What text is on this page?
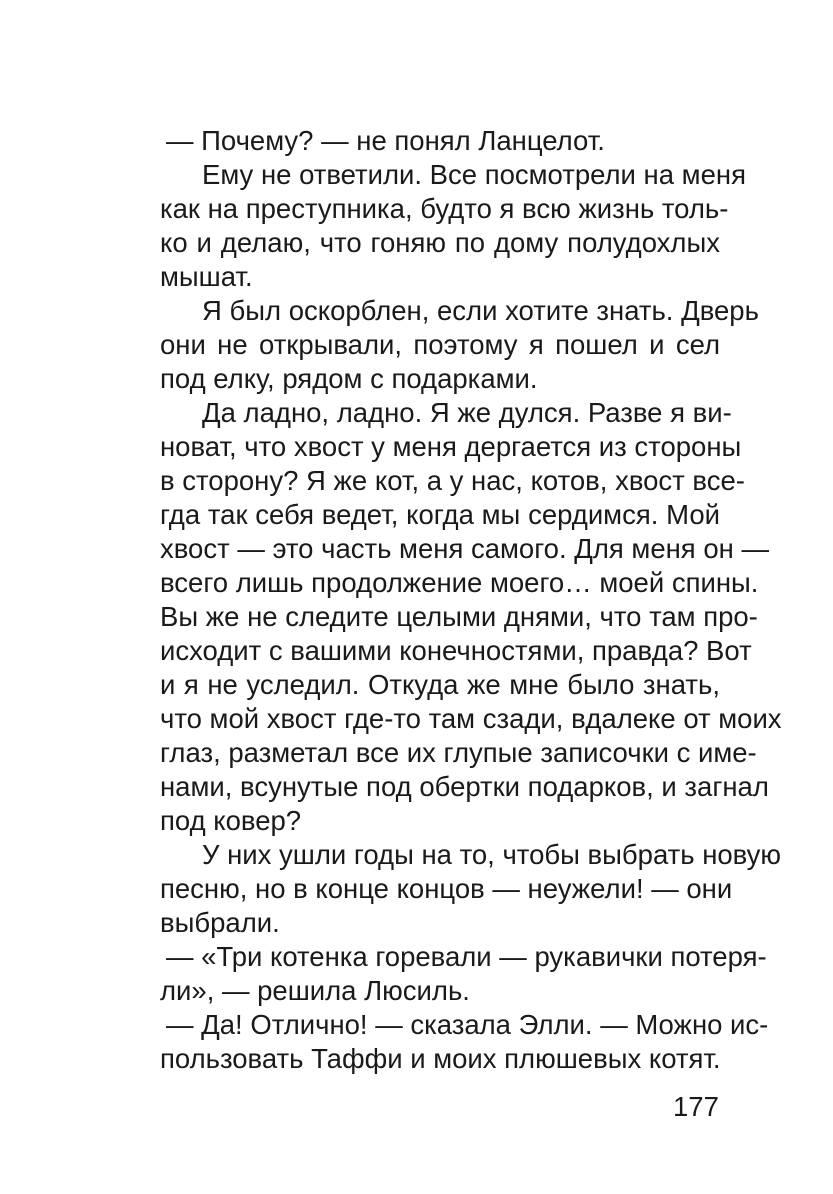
— Почему? — не понял Ланцелот.
Ему не ответили. Все посмотрели на меня
как на преступника, будто я всю жизнь толь-
ко и делаю, что гоняю по дому полудохлых
мышат.
Я был оскорблен, если хотите знать. Дверь
они не открывали, поэтому я пошел и сел
под елку, рядом с подарками.
Да ладно, ладно. Я же дулся. Разве я ви-
новат, что хвост у меня дергается из стороны
в сторону? Я же кот, а у нас, котов, хвост все-
гда так себя ведет, когда мы сердимся. Мой
хвост — это часть меня самого. Для меня он —
всего лишь продолжение моего… моей спины.
Вы же не следите целыми днями, что там про-
исходит с вашими конечностями, правда? Вот
и я не уследил. Откуда же мне было знать,
что мой хвост где-то там сзади, вдалеке от моих
глаз, разметал все их глупые записочки с име-
нами, всунутые под обертки подарков, и загнал
под ковер?
У них ушли годы на то, чтобы выбрать новую
песню, но в конце концов — неужели! — они
выбрали.
— «Три котенка горевали — рукавички потеря-
ли», — решила Люсиль.
— Да! Отлично! — сказала Элли. — Можно ис-
пользовать Таффи и моих плюшевых котят.
177
